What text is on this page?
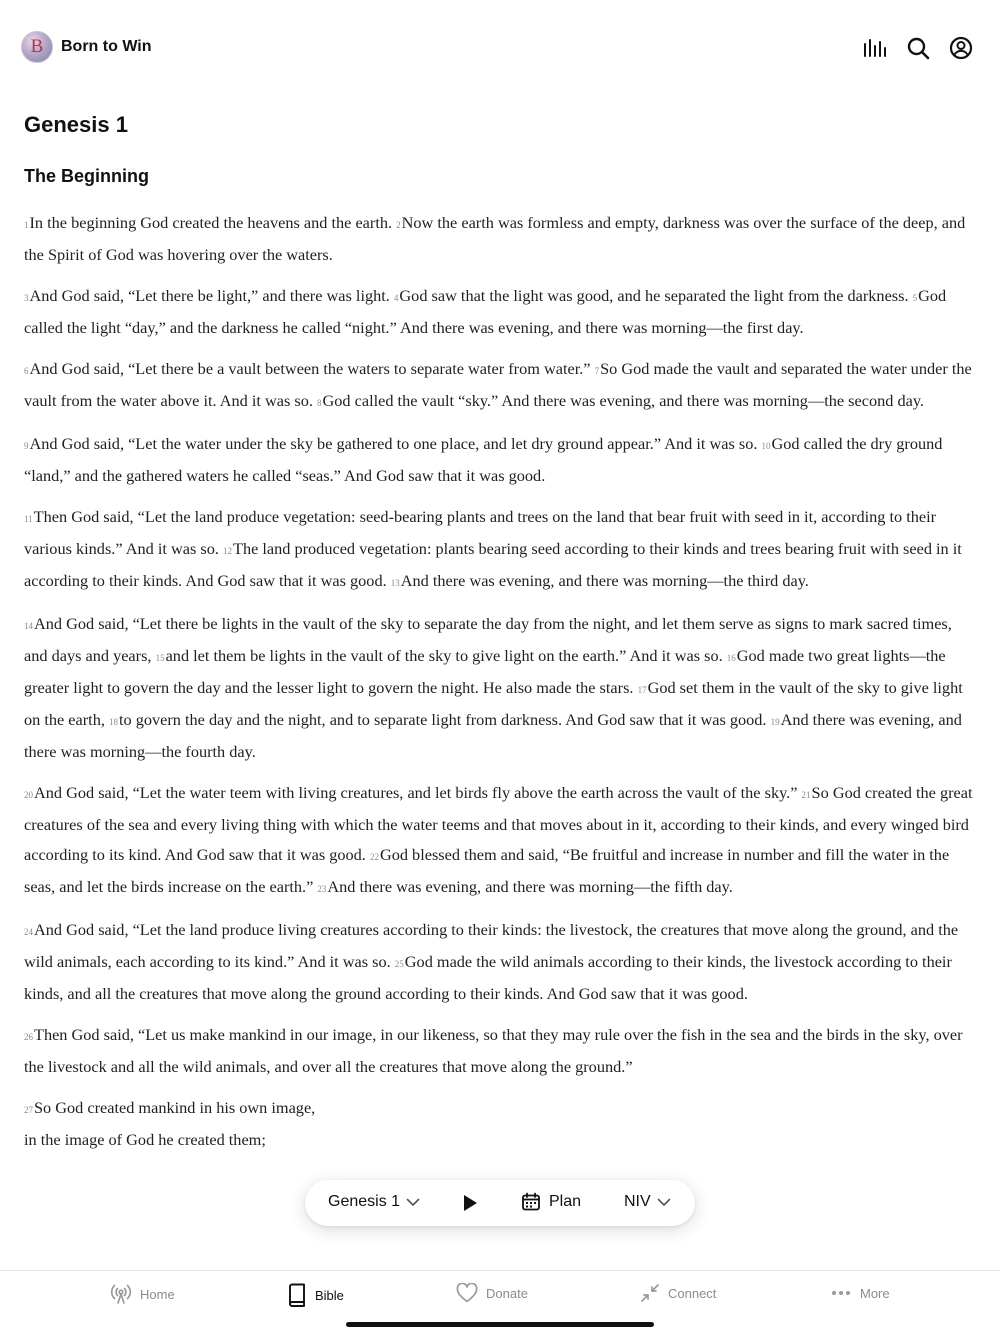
B Born to Win
Genesis 1
The Beginning

1In the beginning God created the heavens and the earth. 2Now the earth was formless and empty, darkness was over the surface of the deep, and the Spirit of God was hovering over the waters.

3And God said, “Let there be light,” and there was light. 4God saw that the light was good, and he separated the light from the darkness. 5God called the light “day,” and the darkness he called “night.” And there was evening, and there was morning—the first day.

6And God said, “Let there be a vault between the waters to separate water from water.” 7So God made the vault and separated the water under the vault from the water above it. And it was so. 8God called the vault “sky.” And there was evening, and there was morning—the second day.

9And God said, “Let the water under the sky be gathered to one place, and let dry ground appear.” And it was so. 10God called the dry ground “land,” and the gathered waters he called “seas.” And God saw that it was good.

11Then God said, “Let the land produce vegetation: seed-bearing plants and trees on the land that bear fruit with seed in it, according to their various kinds.” And it was so. 12The land produced vegetation: plants bearing seed according to their kinds and trees bearing fruit with seed in it according to their kinds. And God saw that it was good. 13And there was evening, and there was morning—the third day.

14And God said, “Let there be lights in the vault of the sky to separate the day from the night, and let them serve as signs to mark sacred times, and days and years, 15and let them be lights in the vault of the sky to give light on the earth.” And it was so. 16God made two great lights—the greater light to govern the day and the lesser light to govern the night. He also made the stars. 17God set them in the vault of the sky to give light on the earth, 18to govern the day and the night, and to separate light from darkness. And God saw that it was good. 19And there was evening, and there was morning—the fourth day.

20And God said, “Let the water teem with living creatures, and let birds fly above the earth across the vault of the sky.” 21So God created the great creatures of the sea and every living thing with which the water teems and that moves about in it, according to their kinds, and every winged bird according to its kind. And God saw that it was good. 22God blessed them and said, “Be fruitful and increase in number and fill the water in the seas, and let the birds increase on the earth.” 23And there was evening, and there was morning—the fifth day.

24And God said, “Let the land produce living creatures according to their kinds: the livestock, the creatures that move along the ground, and the wild animals, each according to its kind.” And it was so. 25God made the wild animals according to their kinds, the livestock according to their kinds, and all the creatures that move along the ground according to their kinds. And God saw that it was good.

26Then God said, “Let us make mankind in our image, in our likeness, so that they may rule over the fish in the sea and the birds in the sky, over the livestock and all the wild animals, and over all the creatures that move along the ground.”

27So God created mankind in his own image,
in the image of God he created them;

Genesis 1	Plan	NIV
Home	Bible	Donate	Connect	More
